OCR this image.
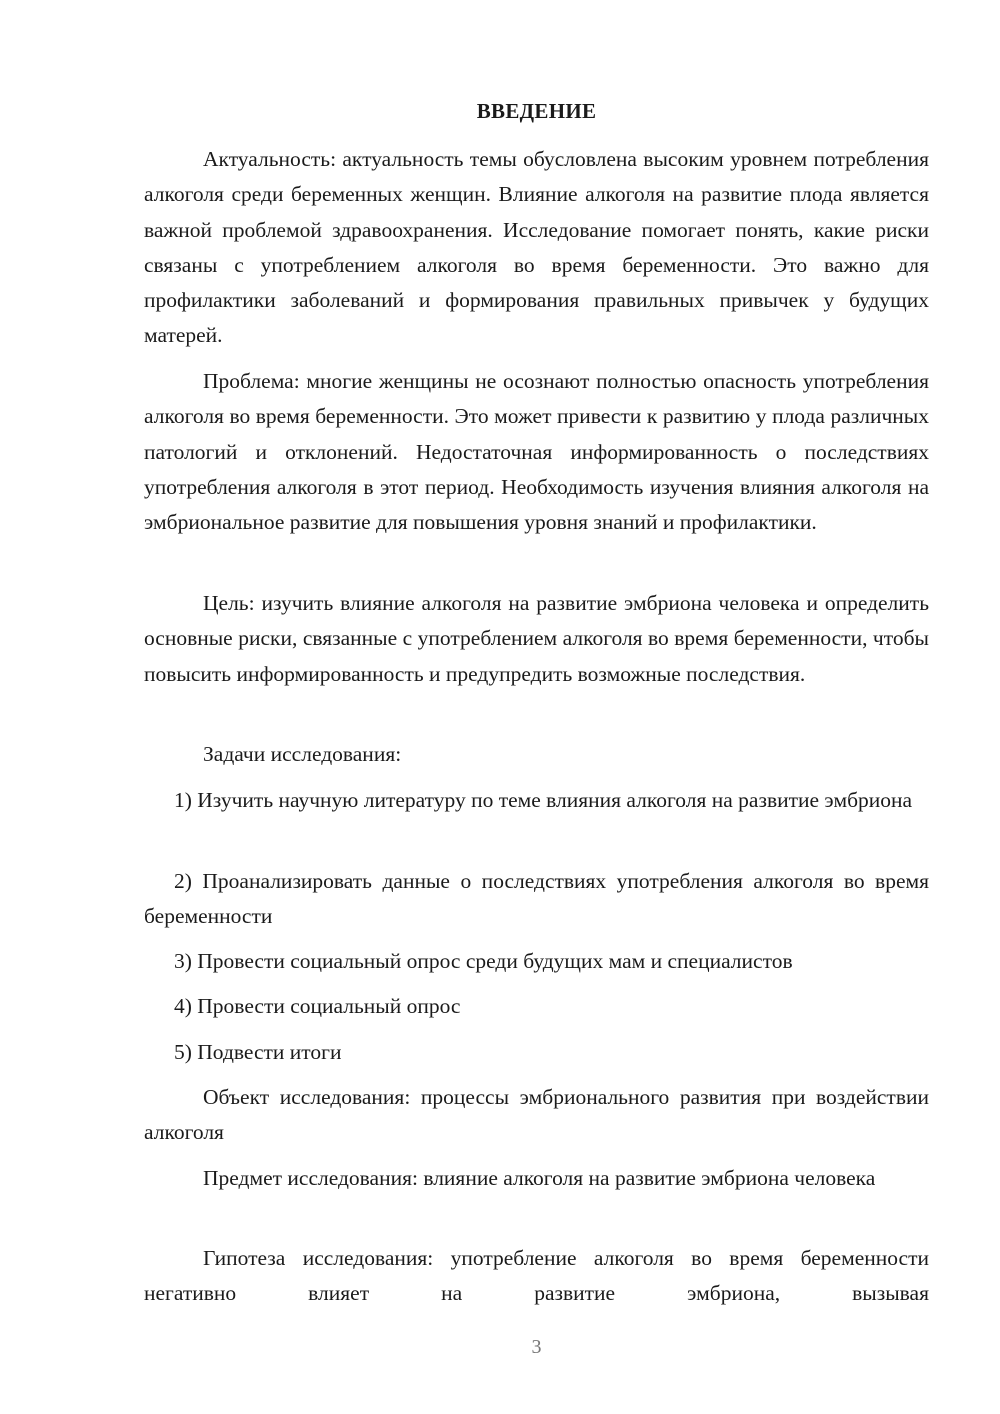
ВВЕДЕНИЕ

Актуальность: актуальность темы обусловлена высоким уровнем потребления алкоголя среди беременных женщин. Влияние алкоголя на развитие плода является важной проблемой здравоохранения. Исследование помогает понять, какие риски связаны с употреблением алкоголя во время беременности. Это важно для профилактики заболеваний и формирования правильных привычек у будущих матерей.

Проблема: многие женщины не осознают полностью опасность употребления алкоголя во время беременности. Это может привести к развитию у плода различных патологий и отклонений. Недостаточная информированность о последствиях употребления алкоголя в этот период. Необходимость изучения влияния алкоголя на эмбриональное развитие для повышения уровня знаний и профилактики.

Цель: изучить влияние алкоголя на развитие эмбриона человека и определить основные риски, связанные с употреблением алкоголя во время беременности, чтобы повысить информированность и предупредить возможные последствия.

Задачи исследования:

1) Изучить научную литературу по теме влияния алкоголя на развитие эмбриона

2) Проанализировать данные о последствиях употребления алкоголя во время беременности

3) Провести социальный опрос среди будущих мам и специалистов

4) Провести социальный опрос

5) Подвести итоги

Объект исследования: процессы эмбрионального развития при воздействии алкоголя

Предмет исследования: влияние алкоголя на развитие эмбриона человека

Гипотеза исследования: употребление алкоголя во время беременности негативно влияет на развитие эмбриона, вызывая

3
